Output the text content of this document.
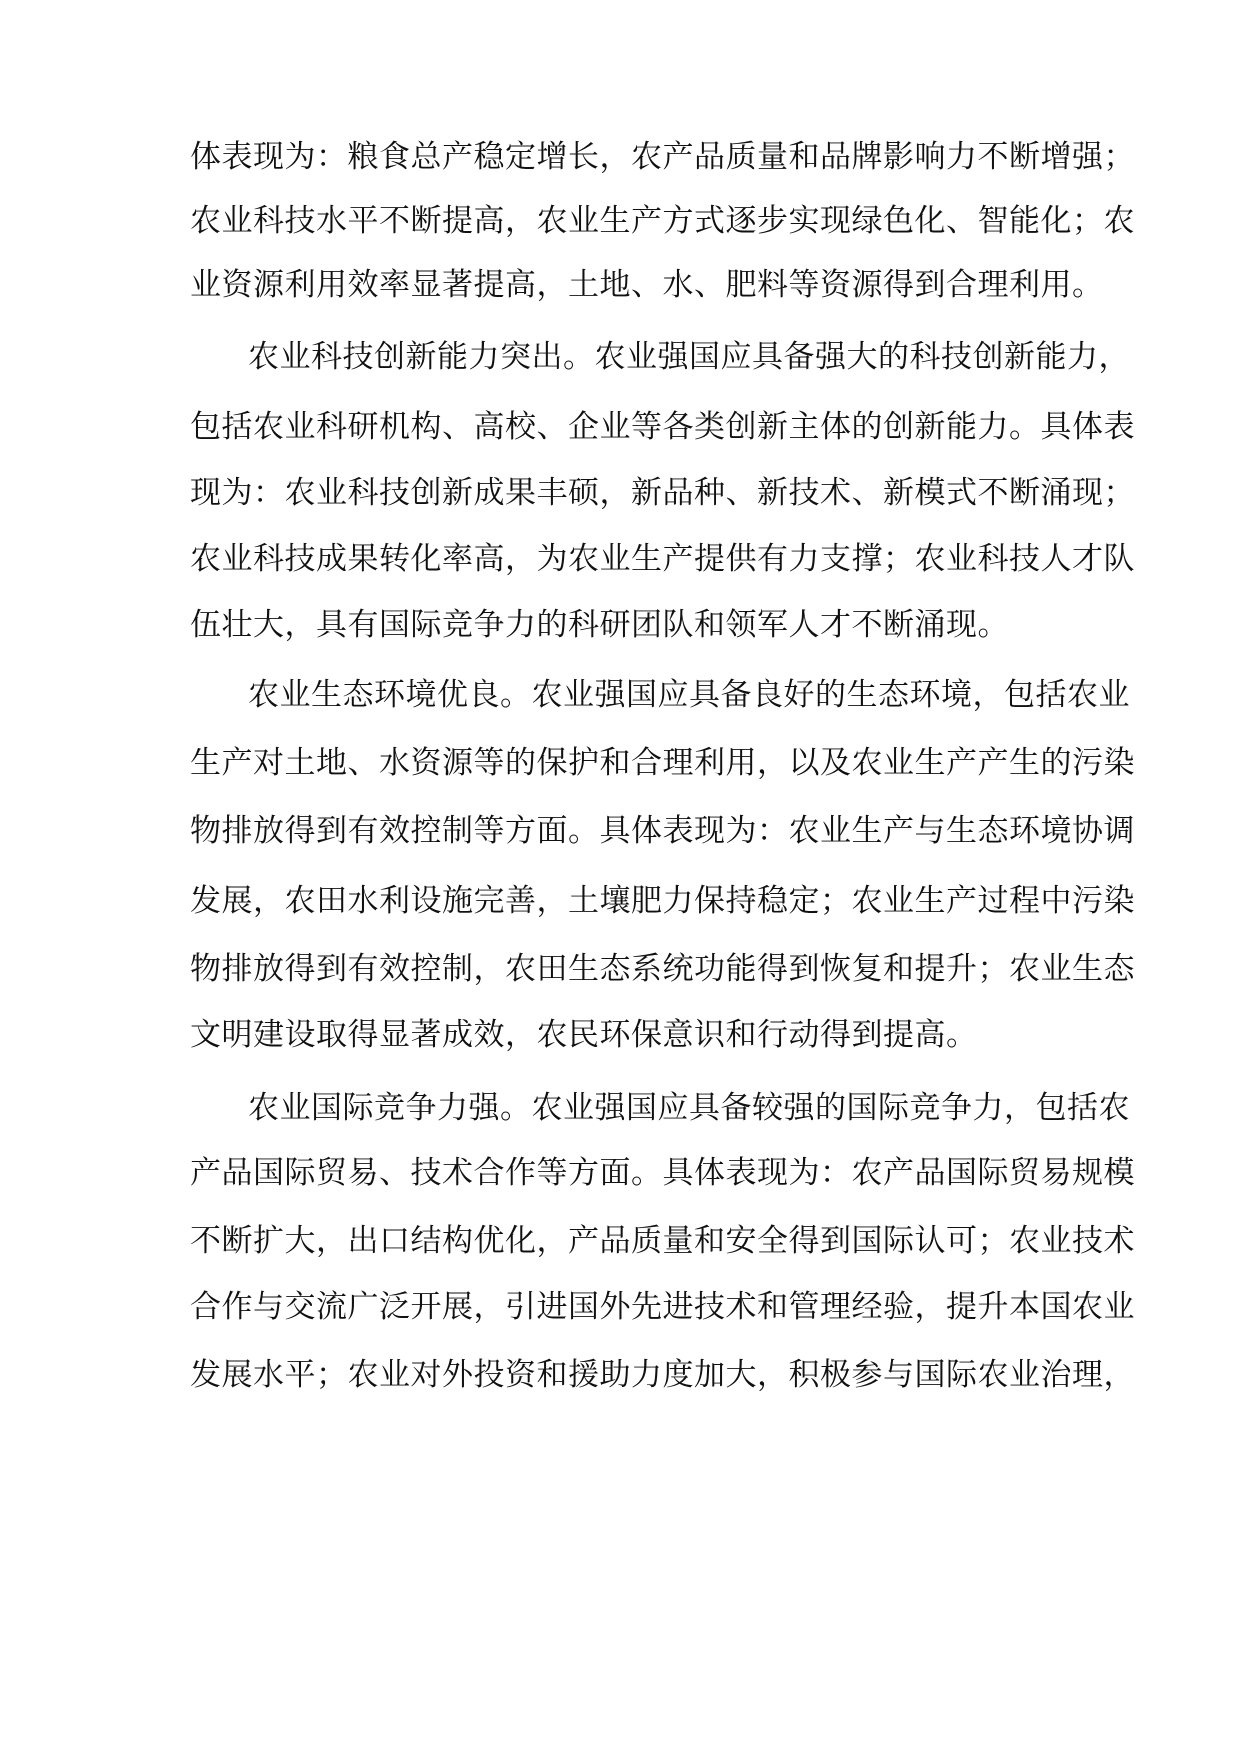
体表现为：粮食总产稳定增长，农产品质量和品牌影响力不断增强；
农业科技水平不断提高，农业生产方式逐步实现绿色化、智能化；农
业资源利用效率显著提高，土地、水、肥料等资源得到合理利用。
农业科技创新能力突出。农业强国应具备强大的科技创新能力，
包括农业科研机构、高校、企业等各类创新主体的创新能力。具体表
现为：农业科技创新成果丰硕，新品种、新技术、新模式不断涌现；
农业科技成果转化率高，为农业生产提供有力支撑；农业科技人才队
伍壮大，具有国际竞争力的科研团队和领军人才不断涌现。
农业生态环境优良。农业强国应具备良好的生态环境，包括农业
生产对土地、水资源等的保护和合理利用，以及农业生产产生的污染
物排放得到有效控制等方面。具体表现为：农业生产与生态环境协调
发展，农田水利设施完善，土壤肥力保持稳定；农业生产过程中污染
物排放得到有效控制，农田生态系统功能得到恢复和提升；农业生态
文明建设取得显著成效，农民环保意识和行动得到提高。
农业国际竞争力强。农业强国应具备较强的国际竞争力，包括农
产品国际贸易、技术合作等方面。具体表现为：农产品国际贸易规模
不断扩大，出口结构优化，产品质量和安全得到国际认可；农业技术
合作与交流广泛开展，引进国外先进技术和管理经验，提升本国农业
发展水平；农业对外投资和援助力度加大，积极参与国际农业治理，
